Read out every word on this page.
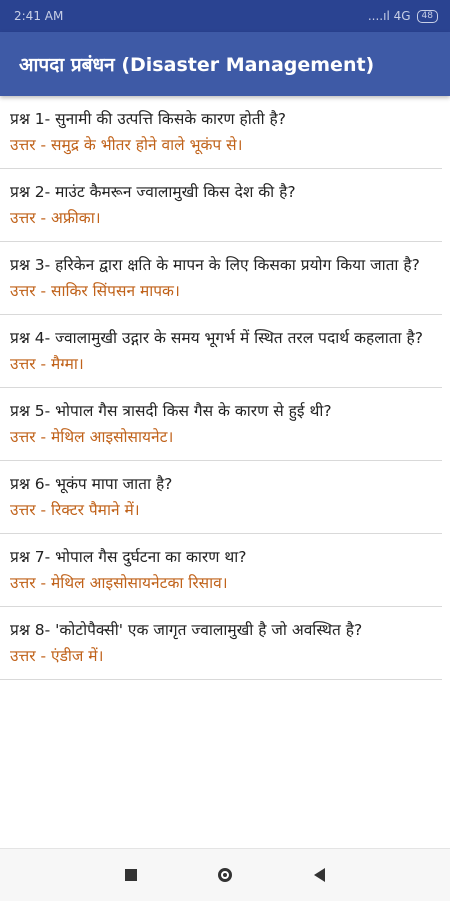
2:41 AM	....ıl 4G	48
आपदा प्रबंधन (Disaster Management)
प्रश्न 1- सुनामी की उत्पत्ति किसके कारण होती है?
उत्तर - समुद्र के भीतर होने वाले भूकंप से।
प्रश्न 2- माउंट कैमरून ज्वालामुखी किस देश की है?
उत्तर - अफ्रीका।
प्रश्न 3- हरिकेन द्वारा क्षति के मापन के लिए किसका प्रयोग किया जाता है?
उत्तर - साकिर सिंपसन मापक।
प्रश्न 4- ज्वालामुखी उद्गार के समय भूगर्भ में स्थित तरल पदार्थ कहलाता है?
उत्तर - मैग्मा।
प्रश्न 5- भोपाल गैस त्रासदी किस गैस के कारण से हुई थी?
उत्तर - मेथिल आइसोसायनेट।
प्रश्न 6- भूकंप मापा जाता है?
उत्तर - रिक्टर पैमाने में।
प्रश्न 7- भोपाल गैस दुर्घटना का कारण था?
उत्तर - मेथिल आइसोसायनेटका रिसाव।
प्रश्न 8- 'कोटोपैक्सी' एक जागृत ज्वालामुखी है जो अवस्थित है?
उत्तर - एंडीज में।
